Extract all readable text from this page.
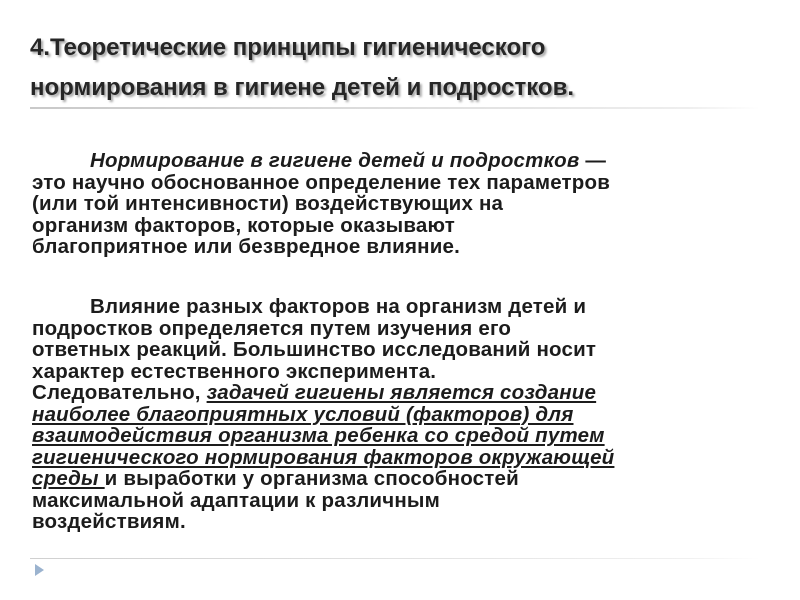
4.Теоретические принципы гигиенического
нормирования в гигиене детей и подростков.

Нормирование в гигиене детей и подростков —
это научно обоснованное определение тех параметров
(или той интенсивности) воздействующих на
организм факторов, которые оказывают
благоприятное или безвредное влияние.

Влияние разных факторов на организм детей и
подростков определяется путем изучения его
ответных реакций. Большинство исследований носит
характер естественного эксперимента.
Следовательно, задачей гигиены является создание
наиболее благоприятных условий (факторов) для
взаимодействия организма ребенка со средой путем
гигиенического нормирования факторов окружающей
среды и выработки у организма способностей
максимальной адаптации к различным
воздействиям.
